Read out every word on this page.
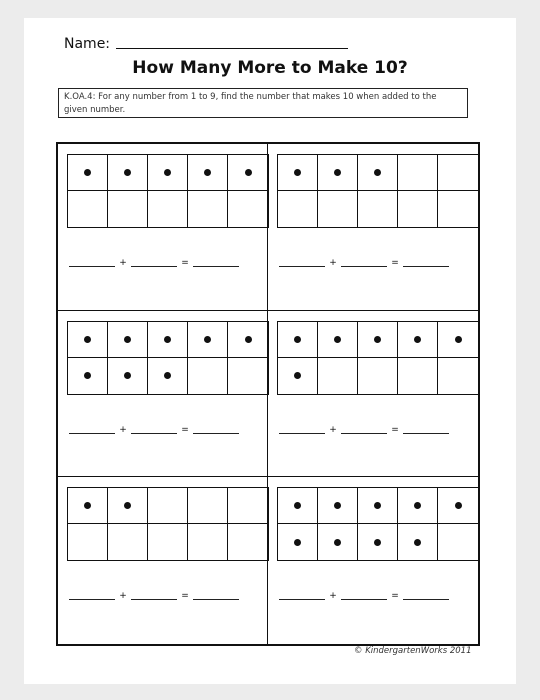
Name:
How Many More to Make 10?
K.OA.4: For any number from 1 to 9, find the number that makes 10 when added to the given number.
+	=	+	=
+	=	+	=
+	=	+	=
© KindergartenWorks 2011
